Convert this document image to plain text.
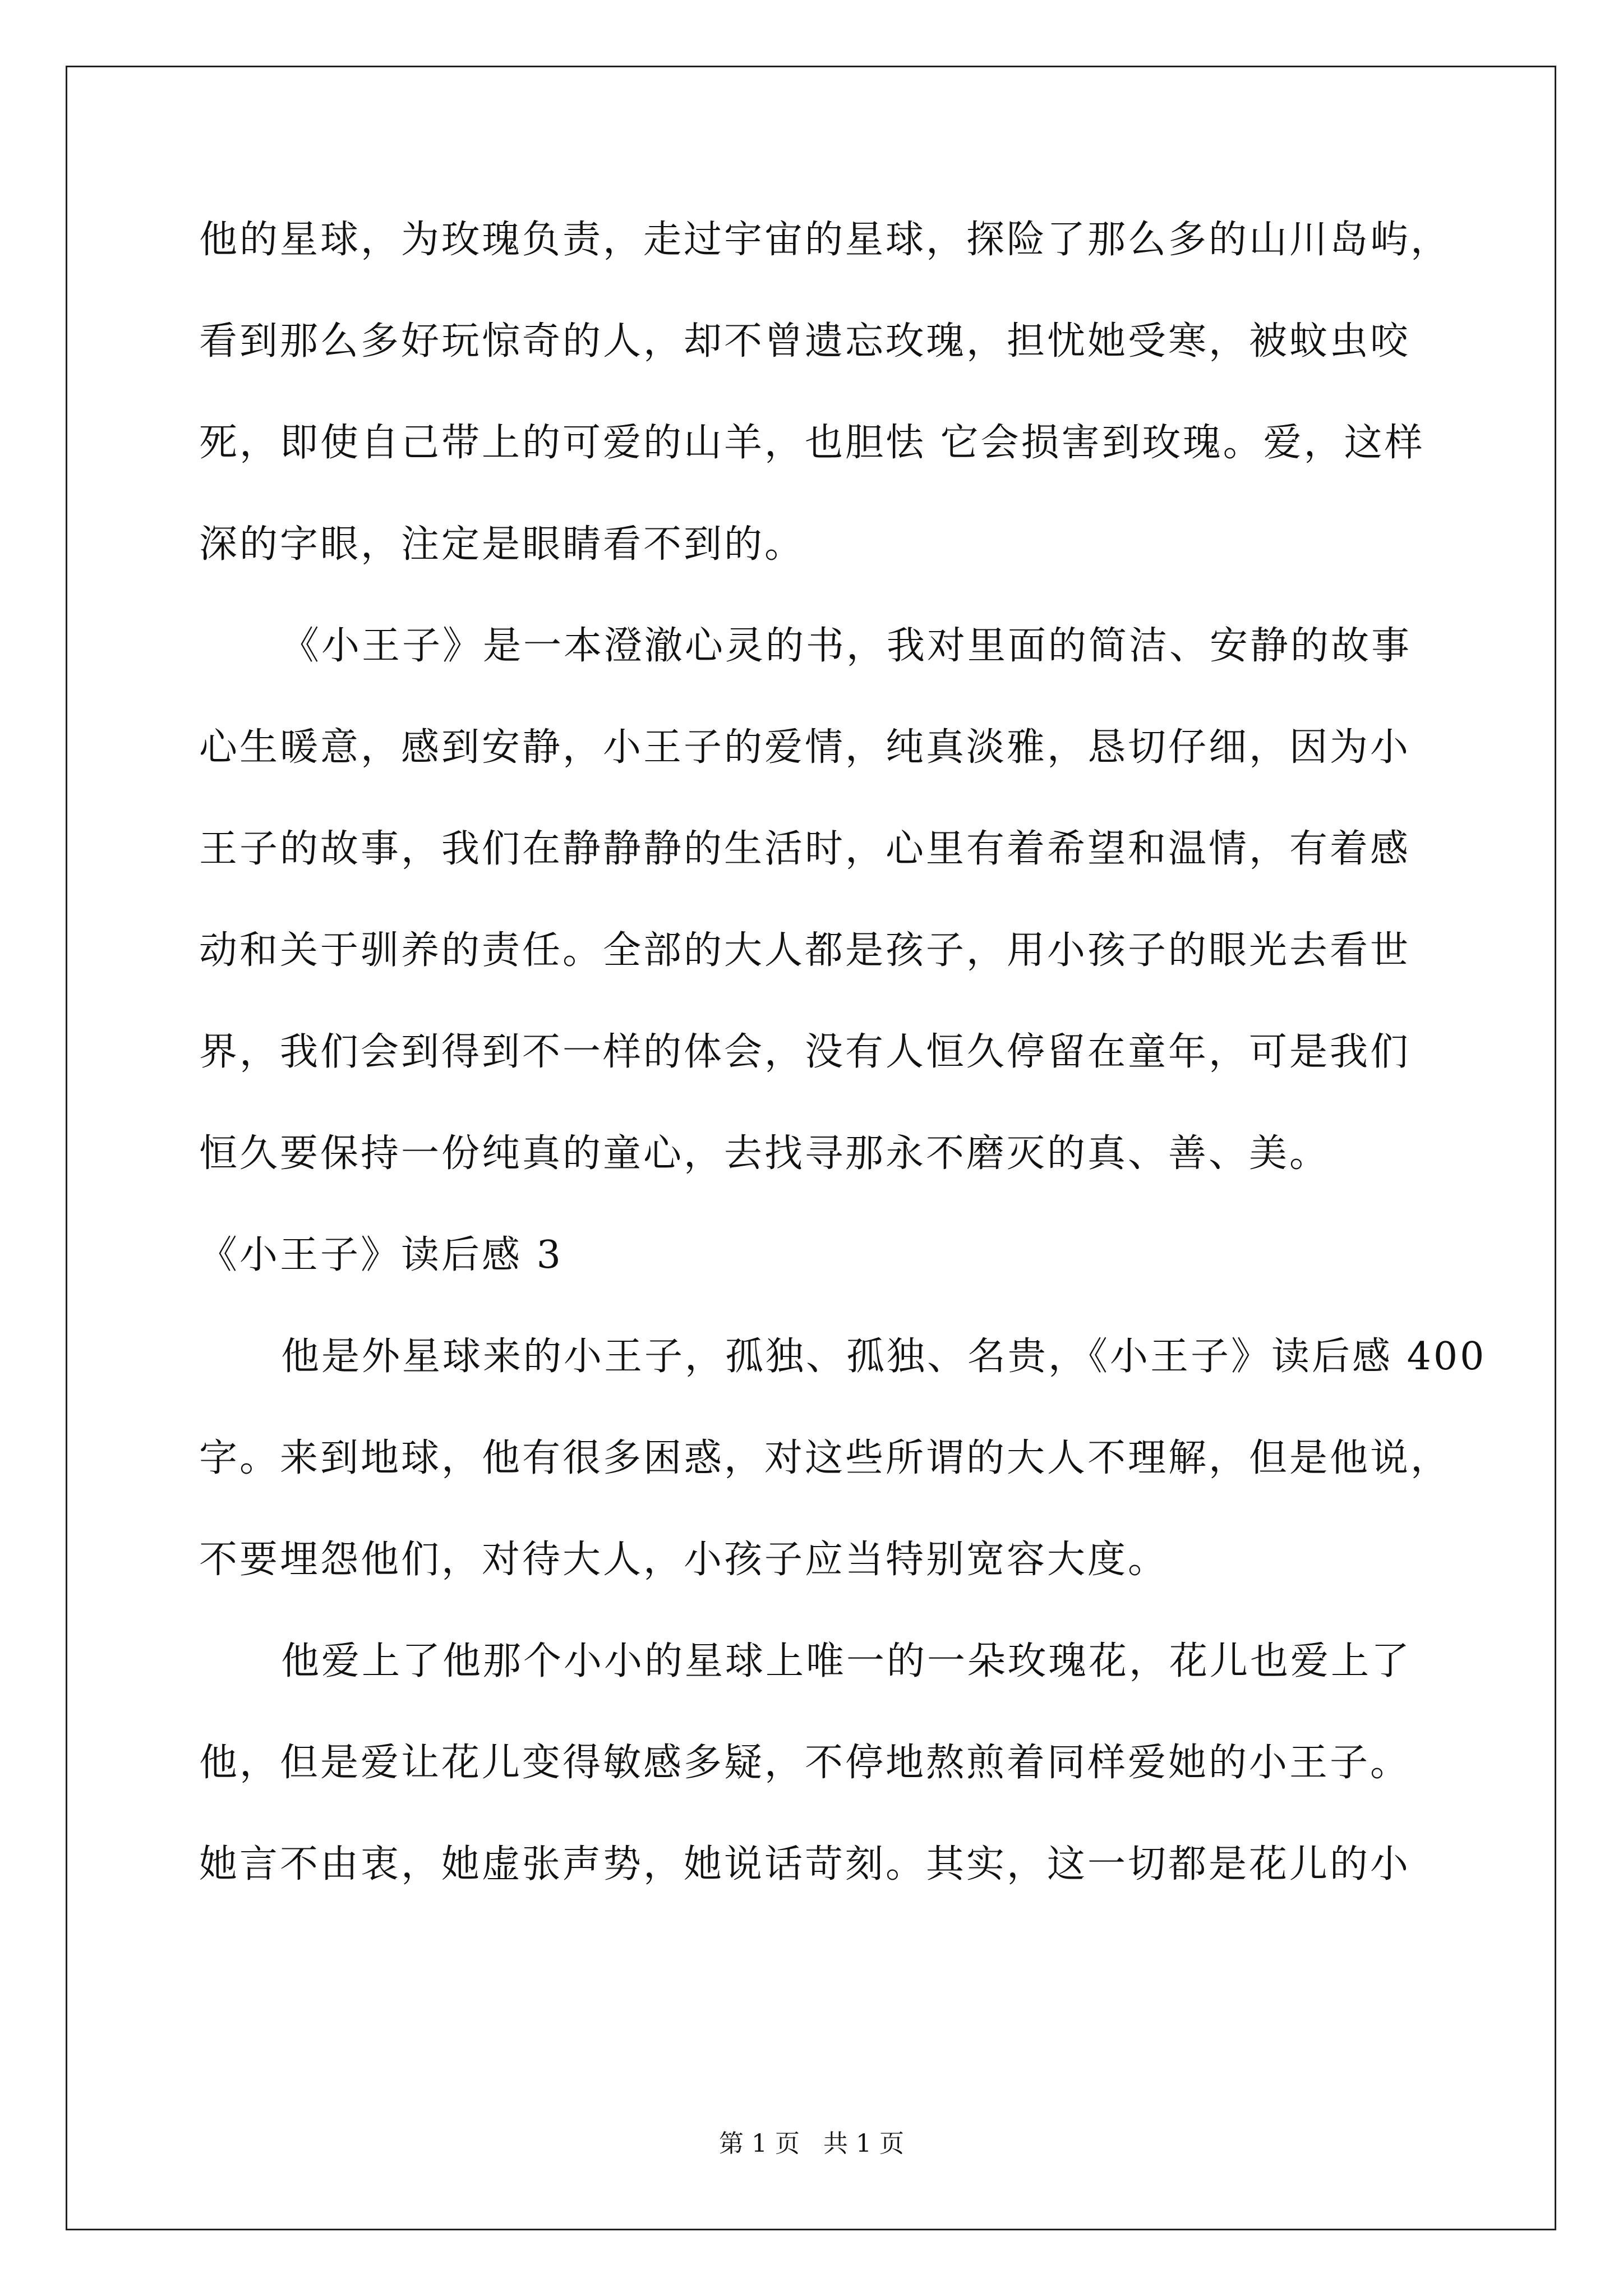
他的星球，为玫瑰负责，走过宇宙的星球，探险了那么多的山川岛屿，
看到那么多好玩惊奇的人，却不曾遗忘玫瑰，担忧她受寒，被蚊虫咬
死，即使自己带上的可爱的山羊，也胆怯 它会损害到玫瑰。爱，这样
深的字眼，注定是眼睛看不到的。
《小王子》是一本澄澈心灵的书，我对里面的简洁、安静的故事
心生暖意，感到安静，小王子的爱情，纯真淡雅，恳切仔细，因为小
王子的故事，我们在静静静的生活时，心里有着希望和温情，有着感
动和关于驯养的责任。全部的大人都是孩子，用小孩子的眼光去看世
界，我们会到得到不一样的体会，没有人恒久停留在童年，可是我们
恒久要保持一份纯真的童心，去找寻那永不磨灭的真、善、美。
《小王子》读后感 3
他是外星球来的小王子，孤独、孤独、名贵，《小王子》读后感 400
字。来到地球，他有很多困惑，对这些所谓的大人不理解，但是他说，
不要埋怨他们，对待大人，小孩子应当特别宽容大度。
他爱上了他那个小小的星球上唯一的一朵玫瑰花，花儿也爱上了
他，但是爱让花儿变得敏感多疑，不停地熬煎着同样爱她的小王子。
她言不由衷，她虚张声势，她说话苛刻。其实，这一切都是花儿的小
第 1 页   共 1 页
